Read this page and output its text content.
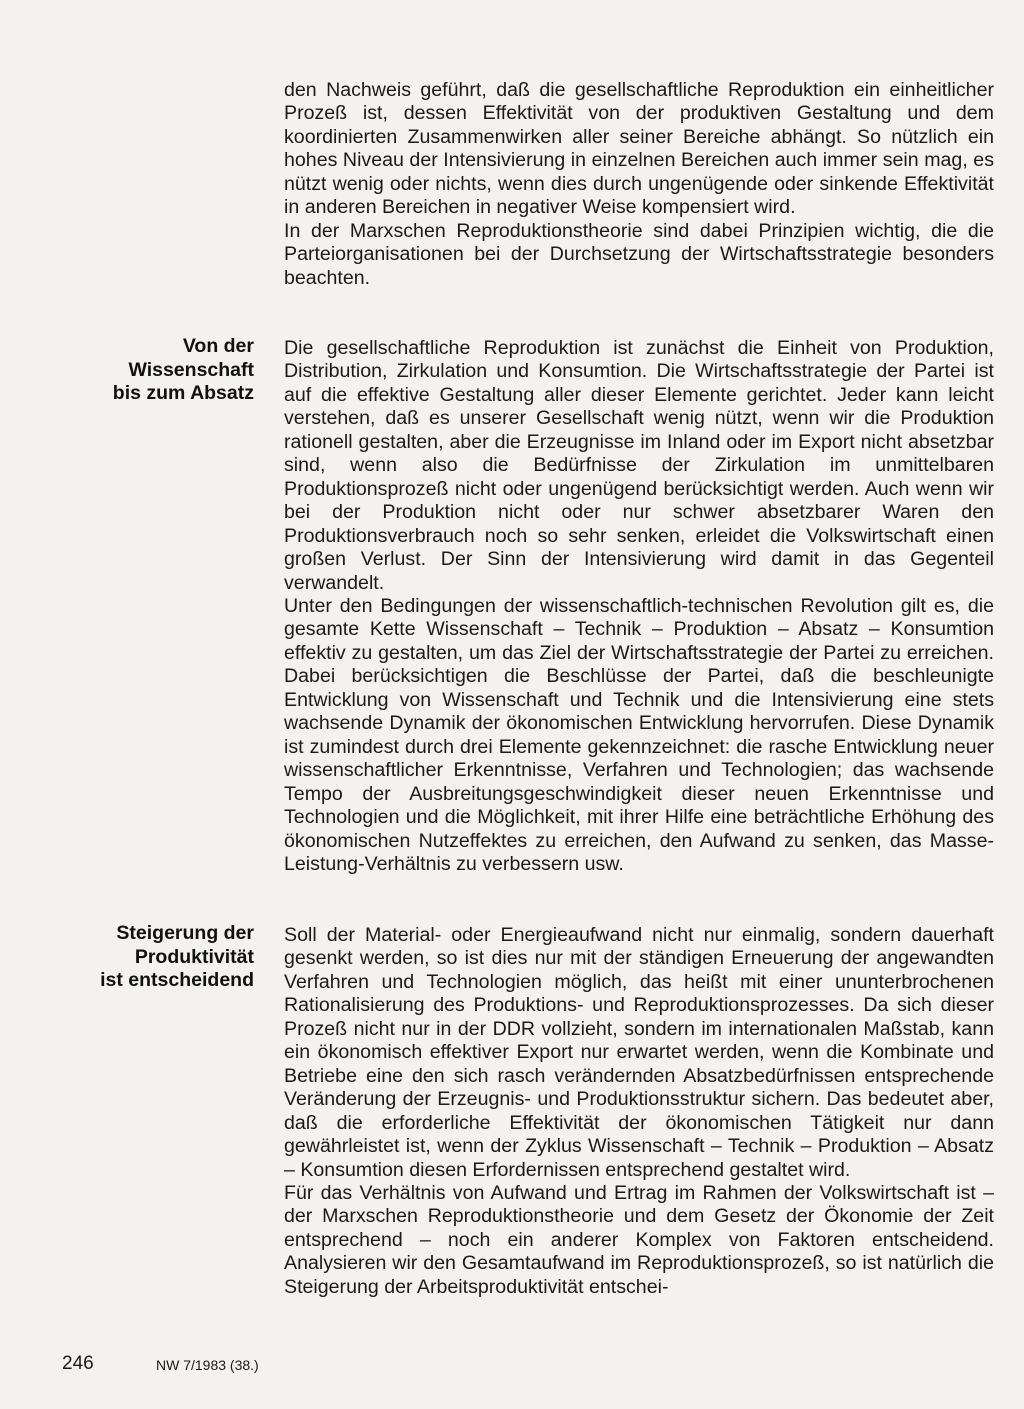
den Nachweis geführt, daß die gesellschaftliche Reproduktion ein einheitlicher Prozeß ist, dessen Effektivität von der produktiven Gestaltung und dem koordinierten Zusammenwirken aller seiner Bereiche abhängt. So nützlich ein hohes Niveau der Intensivierung in einzelnen Bereichen auch immer sein mag, es nützt wenig oder nichts, wenn dies durch ungenügende oder sinkende Effektivität in anderen Bereichen in negativer Weise kompensiert wird.

In der Marxschen Reproduktionstheorie sind dabei Prinzipien wichtig, die die Parteiorganisationen bei der Durchsetzung der Wirtschaftsstrategie besonders beachten.

Von der
Wissenschaft
bis zum Absatz

Die gesellschaftliche Reproduktion ist zunächst die Einheit von Produktion, Distribution, Zirkulation und Konsumtion. Die Wirtschaftsstrategie der Partei ist auf die effektive Gestaltung aller dieser Elemente gerichtet. Jeder kann leicht verstehen, daß es unserer Gesellschaft wenig nützt, wenn wir die Produktion rationell gestalten, aber die Erzeugnisse im Inland oder im Export nicht absetzbar sind, wenn also die Bedürfnisse der Zirkulation im unmittelbaren Produktionsprozeß nicht oder ungenügend berücksichtigt werden. Auch wenn wir bei der Produktion nicht oder nur schwer absetzbarer Waren den Produktionsverbrauch noch so sehr senken, erleidet die Volkswirtschaft einen großen Verlust. Der Sinn der Intensivierung wird damit in das Gegenteil verwandelt.

Unter den Bedingungen der wissenschaftlich-technischen Revolution gilt es, die gesamte Kette Wissenschaft – Technik – Produktion – Absatz – Konsumtion effektiv zu gestalten, um das Ziel der Wirtschaftsstrategie der Partei zu erreichen. Dabei berücksichtigen die Beschlüsse der Partei, daß die beschleunigte Entwicklung von Wissenschaft und Technik und die Intensivierung eine stets wachsende Dynamik der ökonomischen Entwicklung hervorrufen. Diese Dynamik ist zumindest durch drei Elemente gekennzeichnet: die rasche Entwicklung neuer wissenschaftlicher Erkenntnisse, Verfahren und Technologien; das wachsende Tempo der Ausbreitungsgeschwindigkeit dieser neuen Erkenntnisse und Technologien und die Möglichkeit, mit ihrer Hilfe eine beträchtliche Erhöhung des ökonomischen Nutzeffektes zu erreichen, den Aufwand zu senken, das Masse-Leistung-Verhältnis zu verbessern usw.

Steigerung der
Produktivität
ist entscheidend

Soll der Material- oder Energieaufwand nicht nur einmalig, sondern dauerhaft gesenkt werden, so ist dies nur mit der ständigen Erneuerung der angewandten Verfahren und Technologien möglich, das heißt mit einer ununterbrochenen Rationalisierung des Produktions- und Reproduktionsprozesses. Da sich dieser Prozeß nicht nur in der DDR vollzieht, sondern im internationalen Maßstab, kann ein ökonomisch effektiver Export nur erwartet werden, wenn die Kombinate und Betriebe eine den sich rasch verändernden Absatzbedürfnissen entsprechende Veränderung der Erzeugnis- und Produktionsstruktur sichern. Das bedeutet aber, daß die erforderliche Effektivität der ökonomischen Tätigkeit nur dann gewährleistet ist, wenn der Zyklus Wissenschaft – Technik – Produktion – Absatz – Konsumtion diesen Erfordernissen entsprechend gestaltet wird.

Für das Verhältnis von Aufwand und Ertrag im Rahmen der Volkswirtschaft ist – der Marxschen Reproduktionstheorie und dem Gesetz der Ökonomie der Zeit entsprechend – noch ein anderer Komplex von Faktoren entscheidend. Analysieren wir den Gesamtaufwand im Reproduktionsprozeß, so ist natürlich die Steigerung der Arbeitsproduktivität entschei-

246	NW 7/1983 (38.)
